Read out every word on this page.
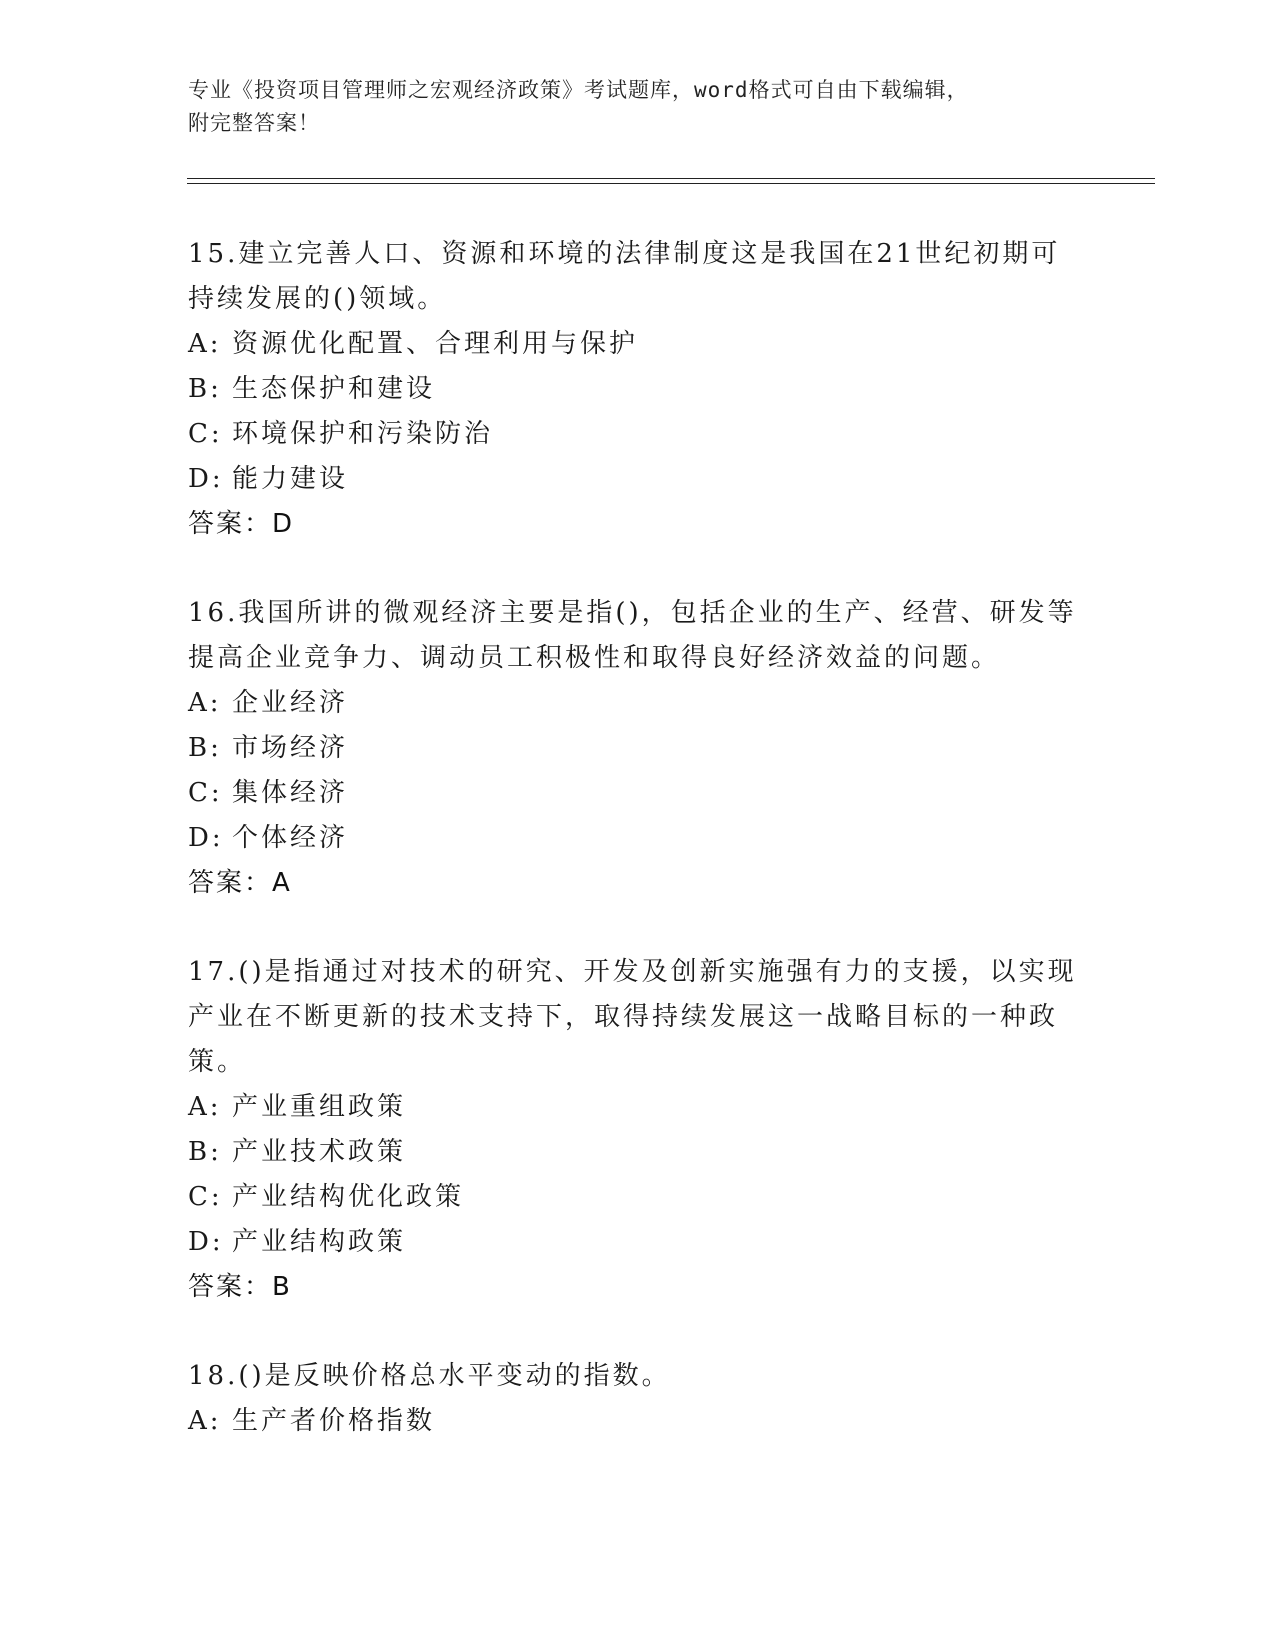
专业《投资项目管理师之宏观经济政策》考试题库，word格式可自由下载编辑，
附完整答案！

15.建立完善人口、资源和环境的法律制度这是我国在21世纪初期可持续发展的()领域。

A: 资源优化配置、合理利用与保护

B: 生态保护和建设

C: 环境保护和污染防治

D: 能力建设

答案：D

16.我国所讲的微观经济主要是指()，包括企业的生产、经营、研发等提高企业竞争力、调动员工积极性和取得良好经济效益的问题。

A: 企业经济

B: 市场经济

C: 集体经济

D: 个体经济

答案：A

17.()是指通过对技术的研究、开发及创新实施强有力的支援，以实现产业在不断更新的技术支持下，取得持续发展这一战略目标的一种政策。

A: 产业重组政策

B: 产业技术政策

C: 产业结构优化政策

D: 产业结构政策

答案：B

18.()是反映价格总水平变动的指数。

A: 生产者价格指数
